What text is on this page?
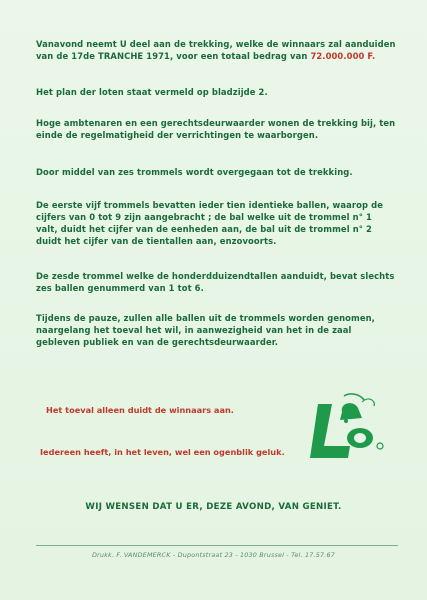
Vanavond neemt U deel aan de trekking, welke de winnaars zal aanduiden van de 17de TRANCHE 1971, voor een totaal bedrag van 72.000.000 F.
Het plan der loten staat vermeld op bladzijde 2.
Hoge ambtenaren en een gerechtsdeurwaarder wonen de trekking bij, ten einde de regelmatigheid der verrichtingen te waarborgen.
Door middel van zes trommels wordt overgegaan tot de trekking.
De eerste vijf trommels bevatten ieder tien identieke ballen, waarop de cijfers van 0 tot 9 zijn aangebracht ; de bal welke uit de trommel n° 1 valt, duidt het cijfer van de eenheden aan, de bal uit de trommel n° 2 duidt het cijfer van de tientallen aan, enzovoorts.
De zesde trommel welke de honderdduizendtallen aanduidt, bevat slechts zes ballen genummerd van 1 tot 6.
Tijdens de pauze, zullen alle ballen uit de trommels worden genomen, naargelang het toeval het wil, in aanwezigheid van het in de zaal gebleven publiek en van de gerechtsdeurwaarder.
Het toeval alleen duidt de winnaars aan.
Iedereen heeft, in het leven, wel een ogenblik geluk.
WIJ WENSEN DAT U ER, DEZE AVOND, VAN GENIET.
Drukk. F. VANDEMERCK - Dupontstraat 23 - 1030 Brussel - Tel. 17.57.67
